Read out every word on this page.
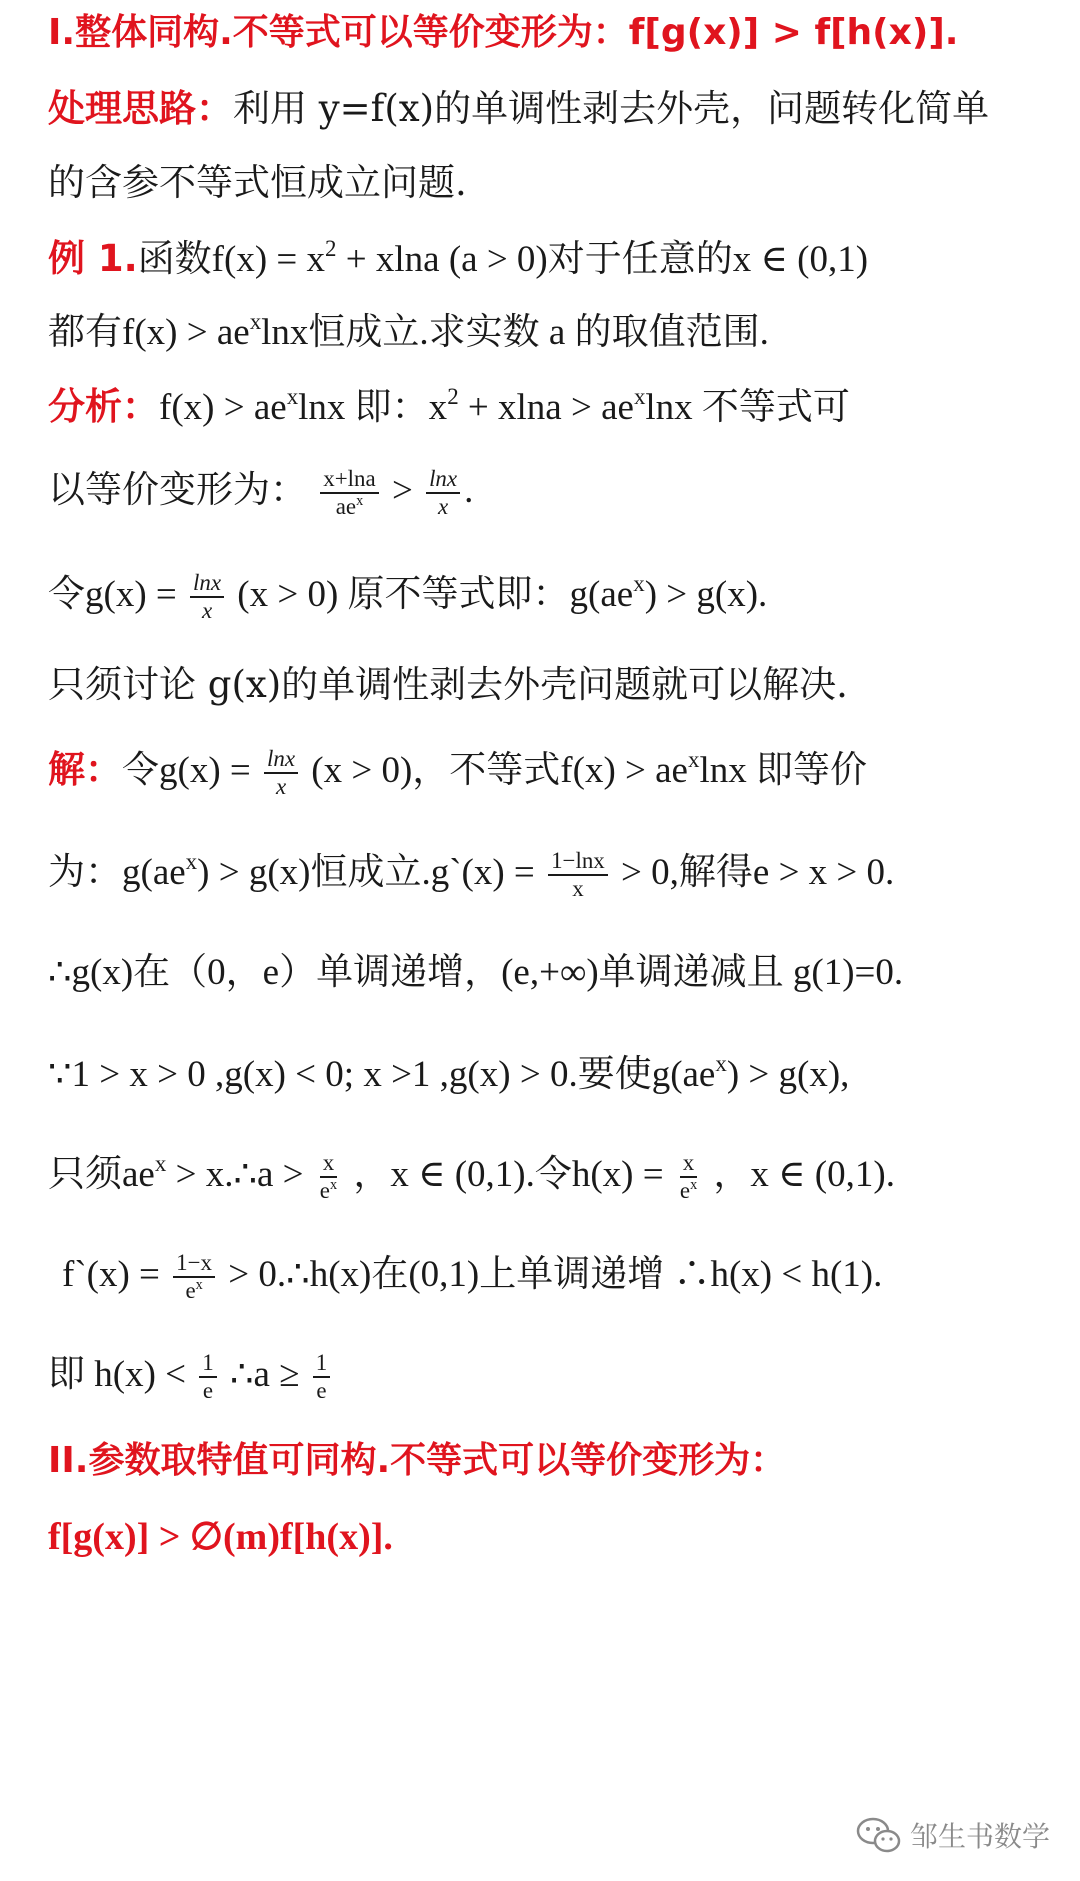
I.整体同构.不等式可以等价变形为：f[g(x)] > f[h(x)].
处理思路：利用 y=f(x)的单调性剥去外壳，问题转化简单
的含参不等式恒成立问题.
例 1.函数$f(x) = x^2 + xlna$ (a > 0)对于任意的x ∈ (0,1)
都有$f(x) > ae^x\ln x$恒成立.求实数 a 的取值范围.
分析：$f(x) > ae^x\ln x$ 即：$x^2 + xlna > ae^x\ln x$ 不等式可
以等价变形为： $\frac{x+\ln a}{ae^x} > \frac{\ln x}{x}$ .
令$g(x) = \frac{\ln x}{x} (x > 0)$ 原不等式即：$g(ae^x) > g(x)$.
只须讨论 g(x)的单调性剥去外壳问题就可以解决.
解：令$g(x) = \frac{\ln x}{x} (x > 0)$，不等式$f(x) > ae^x\ln x$ 即等价
为：$g(ae^x) > g(x)$恒成立.g`(x) = $\frac{1-\ln x}{x} > 0$,解得e > x > 0.
∴g(x)在（0，e）单调递增，(e,+∞)单调递减且 g(1)=0.
∵1 > x > 0 ,g(x) < 0; x >1 ,g(x) > 0.要使$g(ae^x) > g(x)$,
只须$ae^x$ > x.∴a > $\frac{x}{e^x}$ ，x ∈ (0,1).令$h(x) = \frac{x}{e^x}$ ，x ∈ (0,1).
f`(x) = $\frac{1-x}{e^x}$ > 0.∴h(x)在(0,1)上单调递增 ∴h(x) < h(1).
即 $h(x) < \frac{1}{e}$ ∴a ≥ $\frac{1}{e}$
II.参数取特值可同构.不等式可以等价变形为：
f[g(x)] > ∅(m)f[h(x)].
邹生书数学
